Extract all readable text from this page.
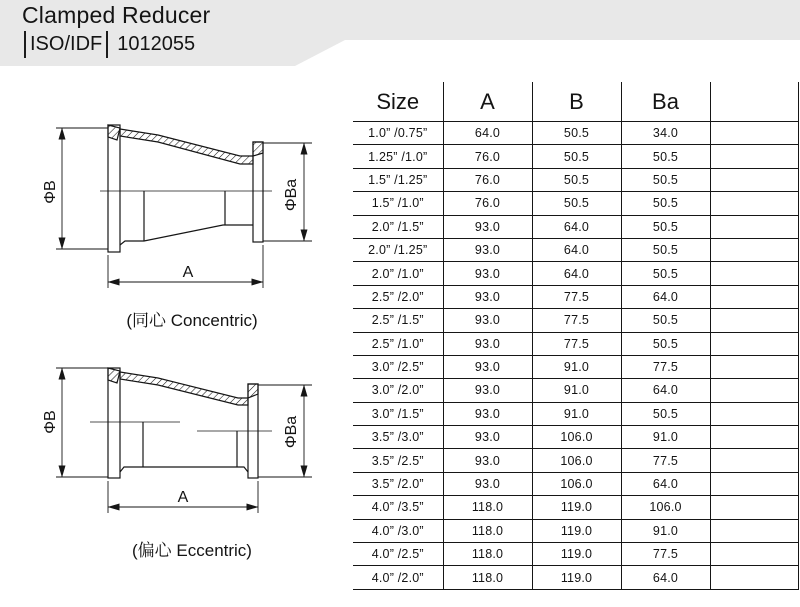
Clamped Reducer
ISO/IDF 1012055
ΦB	ΦBa
A
(同心 Concentric)
ΦB	ΦBa
A
(偏心 Eccentric)
Size	A	B	Ba	
1.0” /0.75”	64.0	50.5	34.0	
1.25” /1.0”	76.0	50.5	50.5	
1.5” /1.25”	76.0	50.5	50.5	
1.5” /1.0”	76.0	50.5	50.5	
2.0” /1.5”	93.0	64.0	50.5	
2.0” /1.25”	93.0	64.0	50.5	
2.0” /1.0”	93.0	64.0	50.5	
2.5” /2.0”	93.0	77.5	64.0	
2.5” /1.5”	93.0	77.5	50.5	
2.5” /1.0”	93.0	77.5	50.5	
3.0” /2.5”	93.0	91.0	77.5	
3.0” /2.0”	93.0	91.0	64.0	
3.0” /1.5”	93.0	91.0	50.5	
3.5” /3.0”	93.0	106.0	91.0	
3.5” /2.5”	93.0	106.0	77.5	
3.5” /2.0”	93.0	106.0	64.0	
4.0” /3.5”	118.0	119.0	106.0	
4.0” /3.0”	118.0	119.0	91.0	
4.0” /2.5”	118.0	119.0	77.5	
4.0” /2.0”	118.0	119.0	64.0	
